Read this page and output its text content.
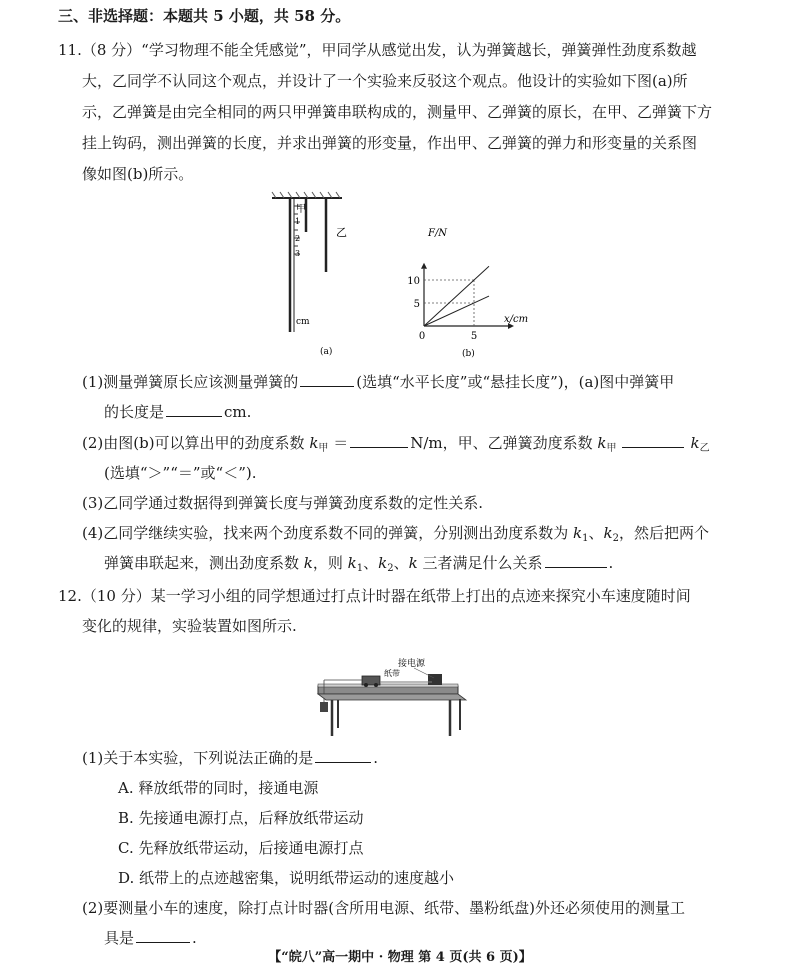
三、非选择题：本题共 5 小题，共 58 分。
11.（8 分）“学习物理不能全凭感觉”，甲同学从感觉出发，认为弹簧越长，弹簧弹性劲度系数越
大，乙同学不认同这个观点，并设计了一个实验来反驳这个观点。他设计的实验如下图(a)所
示，乙弹簧是由完全相同的两只甲弹簧串联构成的，测量甲、乙弹簧的原长，在甲、乙弹簧下方
挂上钩码，测出弹簧的长度，并求出弹簧的形变量，作出甲、乙弹簧的弹力和形变量的关系图
像如图(b)所示。
甲
1
2
3
乙
cm
(a)
5
10
5
0
F/N
x/cm
(b)
(1)测量弹簧原长应该测量弹簧的	(选填“水平长度”或“悬挂长度”)，(a)图中弹簧甲
的长度是	cm.
(2)由图(b)可以算出甲的劲度系数 $k_甲$ ＝	N/m，甲、乙弹簧劲度系数 $k_甲$	$k_乙$
(选填“＞”“＝”或“＜”).
(3)乙同学通过数据得到弹簧长度与弹簧劲度系数的定性关系.
(4)乙同学继续实验，找来两个劲度系数不同的弹簧，分别测出劲度系数为 $k_1$、$k_2$，然后把两个
弹簧串联起来，测出劲度系数 k，则 $k_1$、$k_2$、k 三者满足什么关系	.
12.（10 分）某一学习小组的同学想通过打点计时器在纸带上打出的点迹来探究小车速度随时间
变化的规律，实验装置如图所示.
接电源
纸带
(1)关于本实验，下列说法正确的是	.
A. 释放纸带的同时，接通电源
B. 先接通电源打点，后释放纸带运动
C. 先释放纸带运动，后接通电源打点
D. 纸带上的点迹越密集，说明纸带运动的速度越小
(2)要测量小车的速度，除打点计时器(含所用电源、纸带、墨粉纸盘)外还必须使用的测量工
具是	.
【“皖八”高一期中 · 物理 第 4 页(共 6 页)】
